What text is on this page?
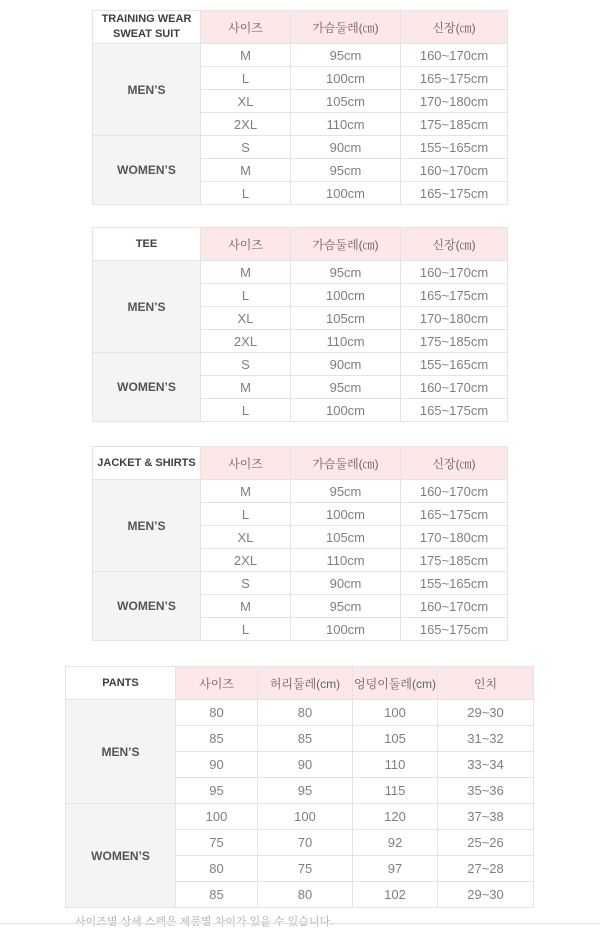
TRAINING WEAR SWEAT SUIT	사이즈	가슴둘레(㎝)	신장(㎝)
MEN’S	M	95cm	160~170cm
	L	100cm	165~175cm
	XL	105cm	170~180cm
	2XL	110cm	175~185cm
WOMEN’S	S	90cm	155~165cm
	M	95cm	160~170cm
	L	100cm	165~175cm
TEE	사이즈	가슴둘레(㎝)	신장(㎝)
MEN’S	M	95cm	160~170cm
	L	100cm	165~175cm
	XL	105cm	170~180cm
	2XL	110cm	175~185cm
WOMEN’S	S	90cm	155~165cm
	M	95cm	160~170cm
	L	100cm	165~175cm
JACKET & SHIRTS	사이즈	가슴둘레(㎝)	신장(㎝)
MEN’S	M	95cm	160~170cm
	L	100cm	165~175cm
	XL	105cm	170~180cm
	2XL	110cm	175~185cm
WOMEN’S	S	90cm	155~165cm
	M	95cm	160~170cm
	L	100cm	165~175cm
PANTS	사이즈	허리둘레(cm)	엉덩이둘레(cm)	인치
MEN’S	80	80	100	29~30
	85	85	105	31~32
	90	90	110	33~34
	95	95	115	35~36
WOMEN’S	100	100	120	37~38
	75	70	92	25~26
	80	75	97	27~28
	85	80	102	29~30
사이즈별 상세 스펙은 제품별 차이가 있을 수 있습니다.
